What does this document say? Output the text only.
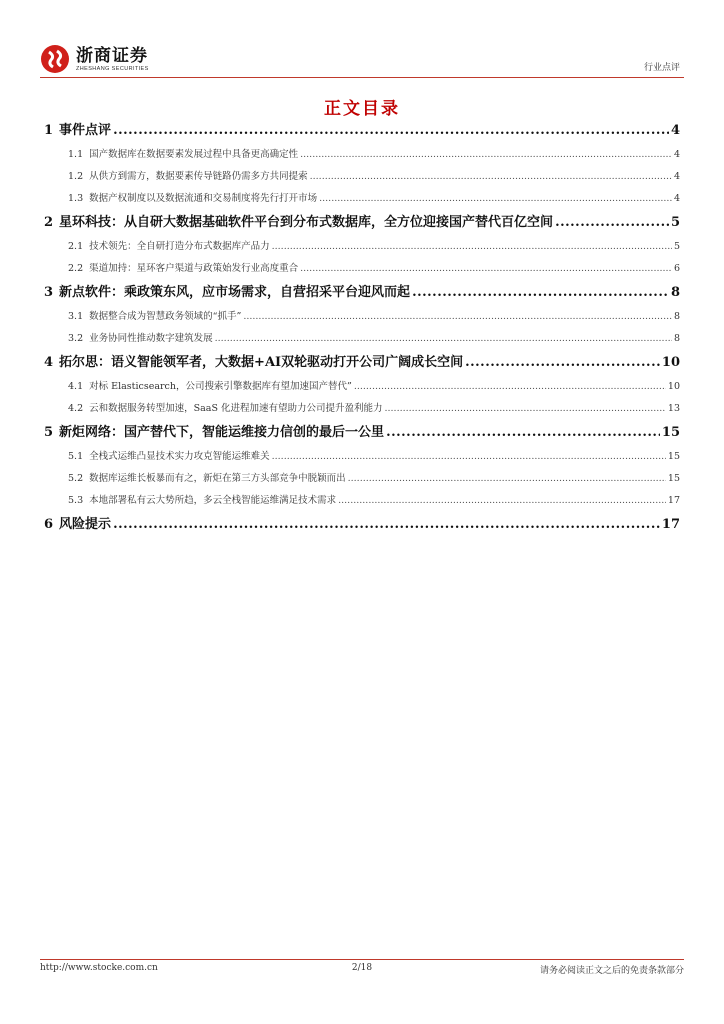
浙商证券
ZHESHANG SECURITIES	行业点评
正文目录
1 事件点评 .....	4
1.1 国产数据库在数据要素发展过程中具备更高确定性 .....	4
1.2 从供方到需方，数据要素传导链路仍需多方共同提索 .....	4
1.3 数据产权制度以及数据流通和交易制度将先行打开市场 .....	4
2 星环科技：从自研大数据基础软件平台到分布式数据库，全方位迎接国产替代百亿空间 .....	5
2.1 技术领先：全自研打造分布式数据库产品力 .....	5
2.2 渠道加持：星环客户渠道与政策始发行业高度重合 .....	6
3 新点软件：乘政策东风，应市场需求，自营招采平台迎风而起 .....	8
3.1 数据整合成为智慧政务领域的“抓手” .....	8
3.2 业务协同性推动数字建筑发展 .....	8
4 拓尔思：语义智能领军者，大数据+AI双轮驱动打开公司广阔成长空间 .....	10
4.1 对标 Elasticsearch，公司搜索引擎数据库有望加速国产替代” .....	10
4.2 云和数据服务转型加速，SaaS 化进程加速有望助力公司提升盈利能力 .....	13
5 新炬网络：国产替代下，智能运维接力信创的最后一公里 .....	15
5.1 全栈式运维凸显技术实力攻克智能运维难关 .....	15
5.2 数据库运维长板暴而有之，新炬在第三方头部竞争中脱颖而出 .....	15
5.3 本地部署私有云大势所趋，多云全栈智能运维满足技术需求 .....	17
6 风险提示 .....	17
http://www.stocke.com.cn	2/18	请务必阅读正文之后的免责条款部分
